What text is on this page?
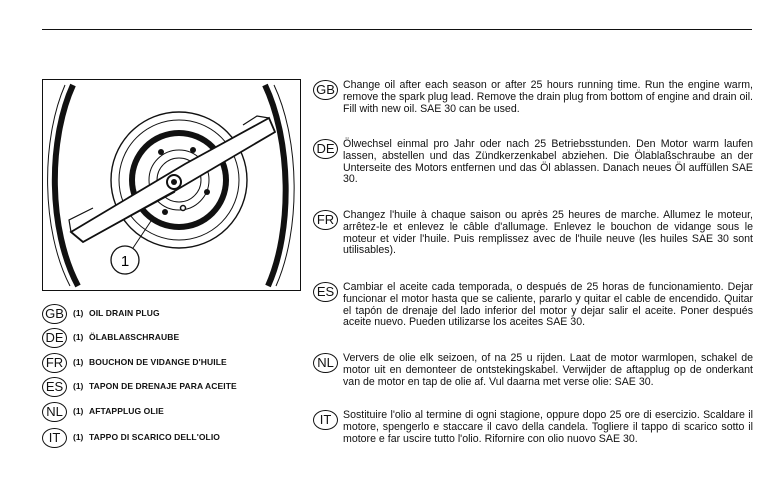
1
GB	(1) OIL DRAIN PLUG
DE	(1) ÖLABLAßSCHRAUBE
FR	(1) BOUCHON DE VIDANGE D'HUILE
ES	(1) TAPON DE DRENAJE PARA ACEITE
NL	(1) AFTAPPLUG OLIE
IT	(1) TAPPO DI SCARICO DELL'OLIO
GB Change oil after each season or after 25 hours running time. Run the engine warm, remove the spark plug lead. Remove the drain plug from bottom of engine and drain oil. Fill with new oil. SAE 30 can be used.
DE Ölwechsel einmal pro Jahr oder nach 25 Betriebsstunden. Den Motor warm laufen lassen, abstellen und das Zündkerzenkabel abziehen. Die Ölablaßschraube an der Unterseite des Motors entfernen und das Öl ablassen. Danach neues Öl auffüllen SAE 30.
FR Changez l'huile à chaque saison ou après 25 heures de marche. Allumez le moteur, arrêtez-le et enlevez le câble d'allumage. Enlevez le bouchon de vidange sous le moteur et vider l'huile. Puis remplissez avec de l'huile neuve (les huiles SAE 30 sont utilisables).
ES Cambiar el aceite cada temporada, o después de 25 horas de funcionamiento. Dejar funcionar el motor hasta que se caliente, pararlo y quitar el cable de encendido. Quitar el tapón de drenaje del lado inferior del motor y dejar salir el aceite. Poner después aceite nuevo. Pueden utilizarse los aceites SAE 30.
NL Ververs de olie elk seizoen, of na 25 u rijden. Laat de motor warmlopen, schakel de motor uit en demonteer de ontstekingskabel. Verwijder de aftapplug op de onderkant van de motor en tap de olie af. Vul daarna met verse olie: SAE 30.
IT	Sostituire l'olio al termine di ogni stagione, oppure dopo 25 ore di esercizio. Scaldare il motore, spengerlo e staccare il cavo della candela. Togliere il tappo di scarico sotto il motore e far uscire tutto l'olio. Rifornire con olio nuovo SAE 30.
